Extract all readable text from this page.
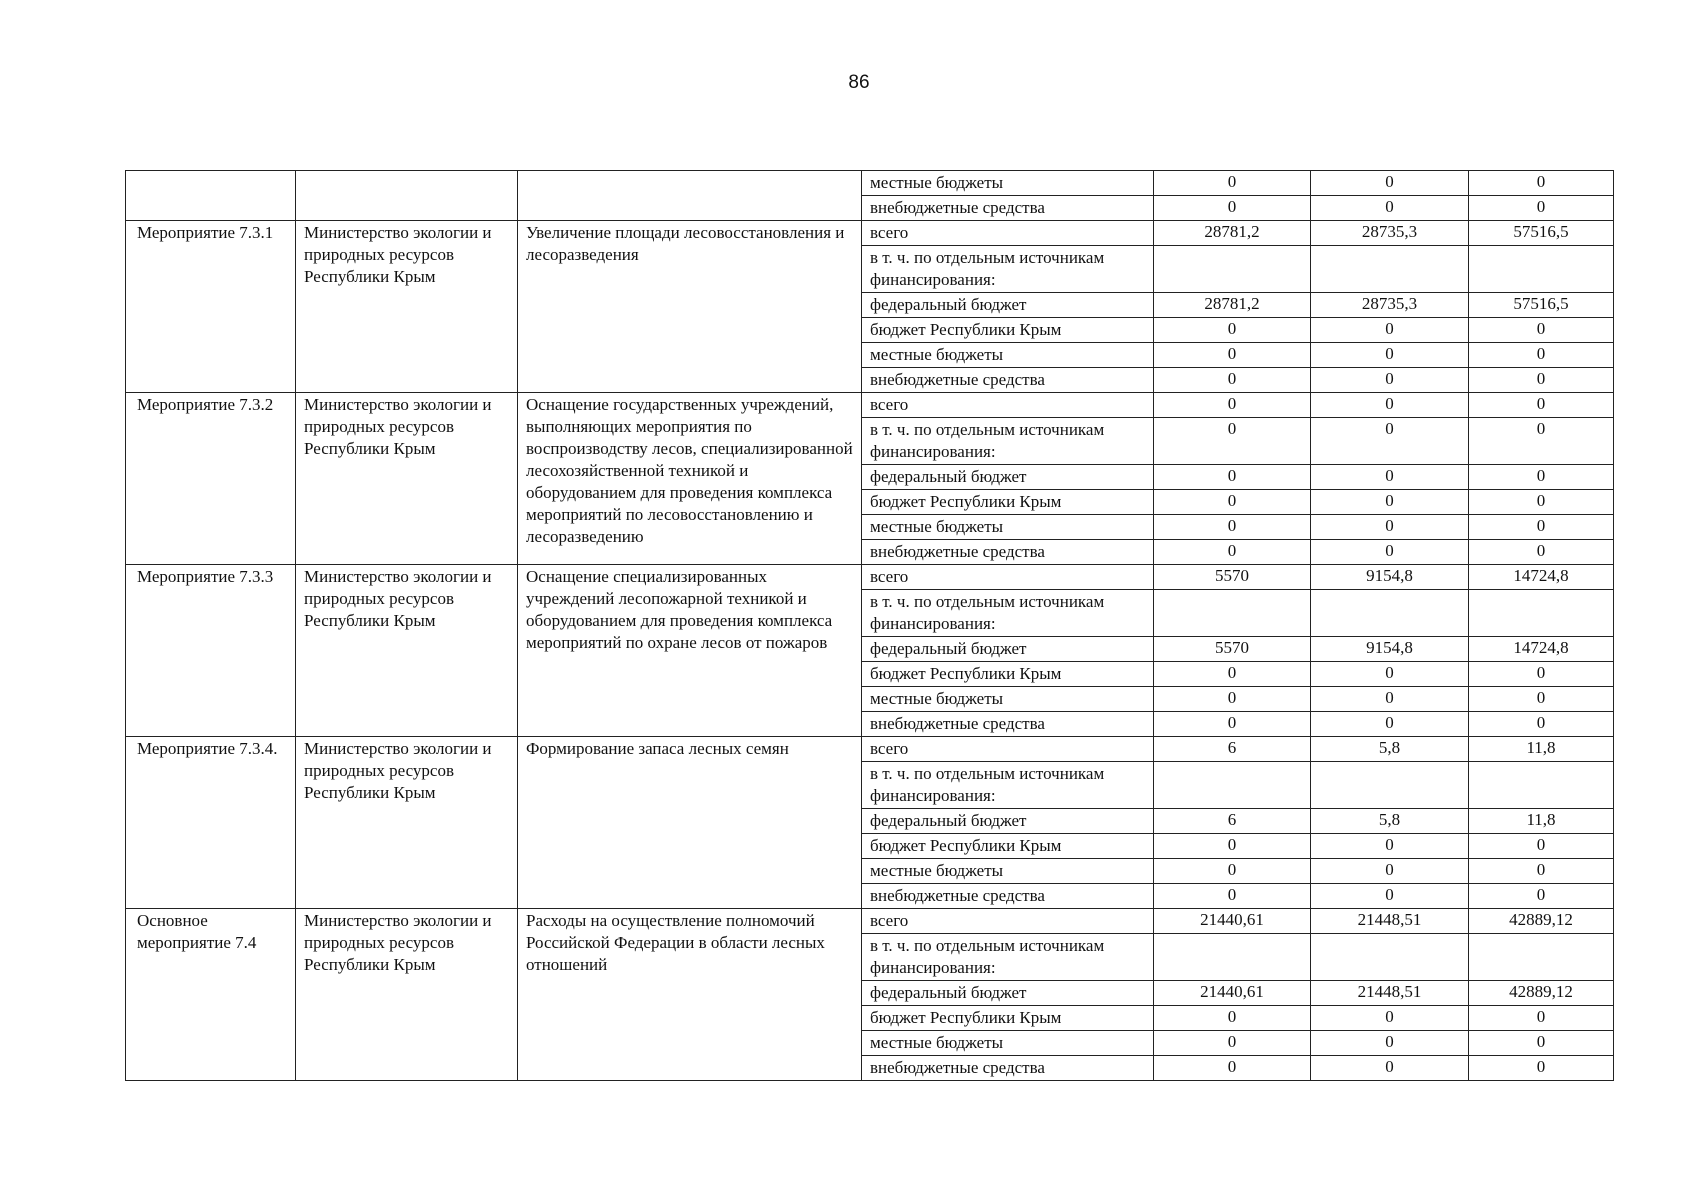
86
			местные бюджеты	0	0	0
			внебюджетные средства	0	0	0
Мероприятие 7.3.1	Министерство экологии и природных ресурсов Республики Крым	Увеличение площади лесовосстановления и лесоразведения	всего	28781,2	28735,3	57516,5
			в т. ч. по отдельным источникам финансирования:			
			федеральный бюджет	28781,2	28735,3	57516,5
			бюджет Республики Крым	0	0	0
			местные бюджеты	0	0	0
			внебюджетные средства	0	0	0
Мероприятие 7.3.2	Министерство экологии и природных ресурсов Республики Крым	Оснащение государственных учреждений, выполняющих мероприятия по воспроизводству лесов, специализированной лесохозяйственной техникой и оборудованием для проведения комплекса мероприятий по лесовосстановлению и лесоразведению	всего	0	0	0
			в т. ч. по отдельным источникам финансирования:	0	0	0
			федеральный бюджет	0	0	0
			бюджет Республики Крым	0	0	0
			местные бюджеты	0	0	0
			внебюджетные средства	0	0	0
Мероприятие 7.3.3	Министерство экологии и природных ресурсов Республики Крым	Оснащение специализированных учреждений лесопожарной техникой и оборудованием для проведения комплекса мероприятий по охране лесов от пожаров	всего	5570	9154,8	14724,8
			в т. ч. по отдельным источникам финансирования:			
			федеральный бюджет	5570	9154,8	14724,8
			бюджет Республики Крым	0	0	0
			местные бюджеты	0	0	0
			внебюджетные средства	0	0	0
Мероприятие 7.3.4.	Министерство экологии и природных ресурсов Республики Крым	Формирование запаса лесных семян	всего	6	5,8	11,8
			в т. ч. по отдельным источникам финансирования:			
			федеральный бюджет	6	5,8	11,8
			бюджет Республики Крым	0	0	0
			местные бюджеты	0	0	0
			внебюджетные средства	0	0	0
Основное мероприятие 7.4	Министерство экологии и природных ресурсов Республики Крым	Расходы на осуществление полномочий Российской Федерации в области лесных отношений	всего	21440,61	21448,51	42889,12
			в т. ч. по отдельным источникам финансирования:			
			федеральный бюджет	21440,61	21448,51	42889,12
			бюджет Республики Крым	0	0	0
			местные бюджеты	0	0	0
			внебюджетные средства	0	0	0
